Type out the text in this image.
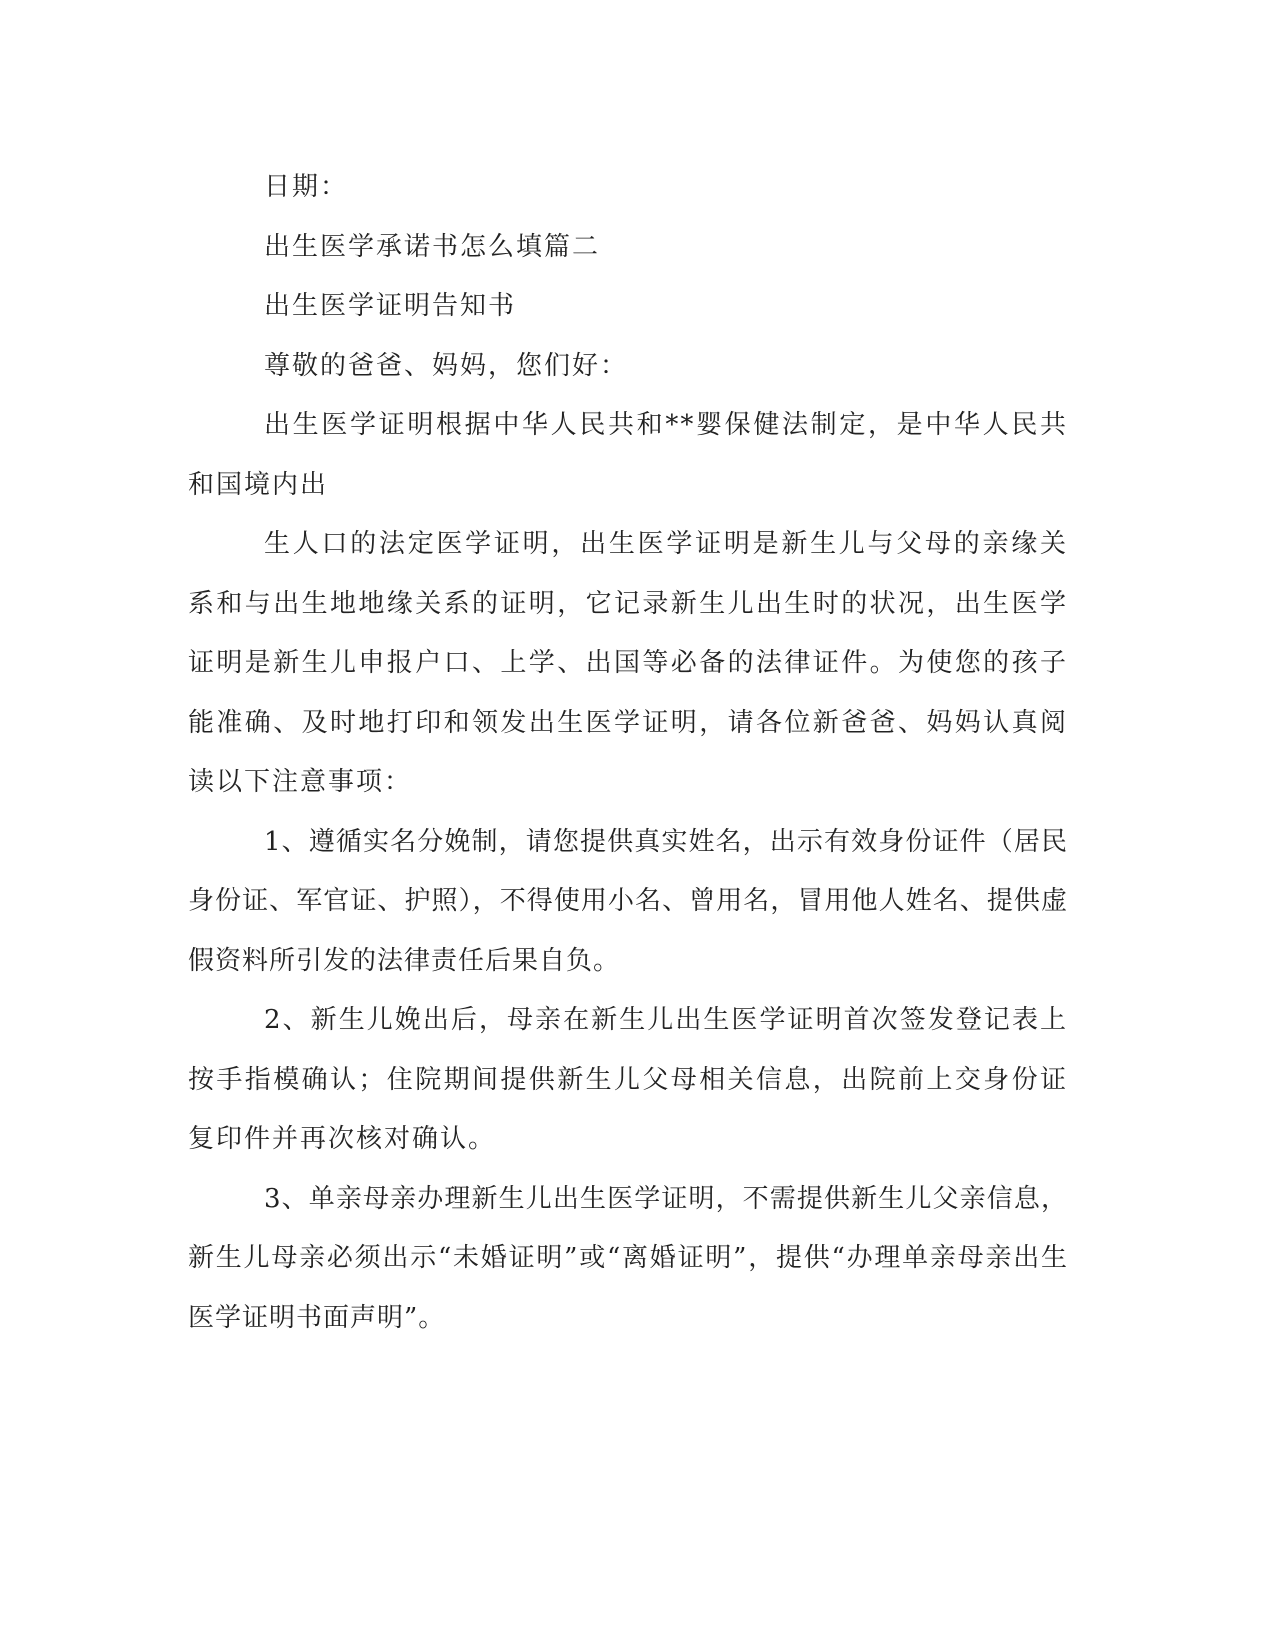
日期：

出生医学承诺书怎么填篇二

出生医学证明告知书

尊敬的爸爸、妈妈，您们好：

出生医学证明根据中华人民共和**婴保健法制定，是中华人民共和国境内出

生人口的法定医学证明，出生医学证明是新生儿与父母的亲缘关系和与出生地地缘关系的证明，它记录新生儿出生时的状况，出生医学证明是新生儿申报户口、上学、出国等必备的法律证件。为使您的孩子能准确、及时地打印和领发出生医学证明，请各位新爸爸、妈妈认真阅读以下注意事项：

1、遵循实名分娩制，请您提供真实姓名，出示有效身份证件（居民身份证、军官证、护照），不得使用小名、曾用名，冒用他人姓名、提供虚假资料所引发的法律责任后果自负。

2、新生儿娩出后，母亲在新生儿出生医学证明首次签发登记表上按手指模确认；住院期间提供新生儿父母相关信息，出院前上交身份证复印件并再次核对确认。

3、单亲母亲办理新生儿出生医学证明，不需提供新生儿父亲信息，新生儿母亲必须出示“未婚证明”或“离婚证明”，提供“办理单亲母亲出生医学证明书面声明”。
